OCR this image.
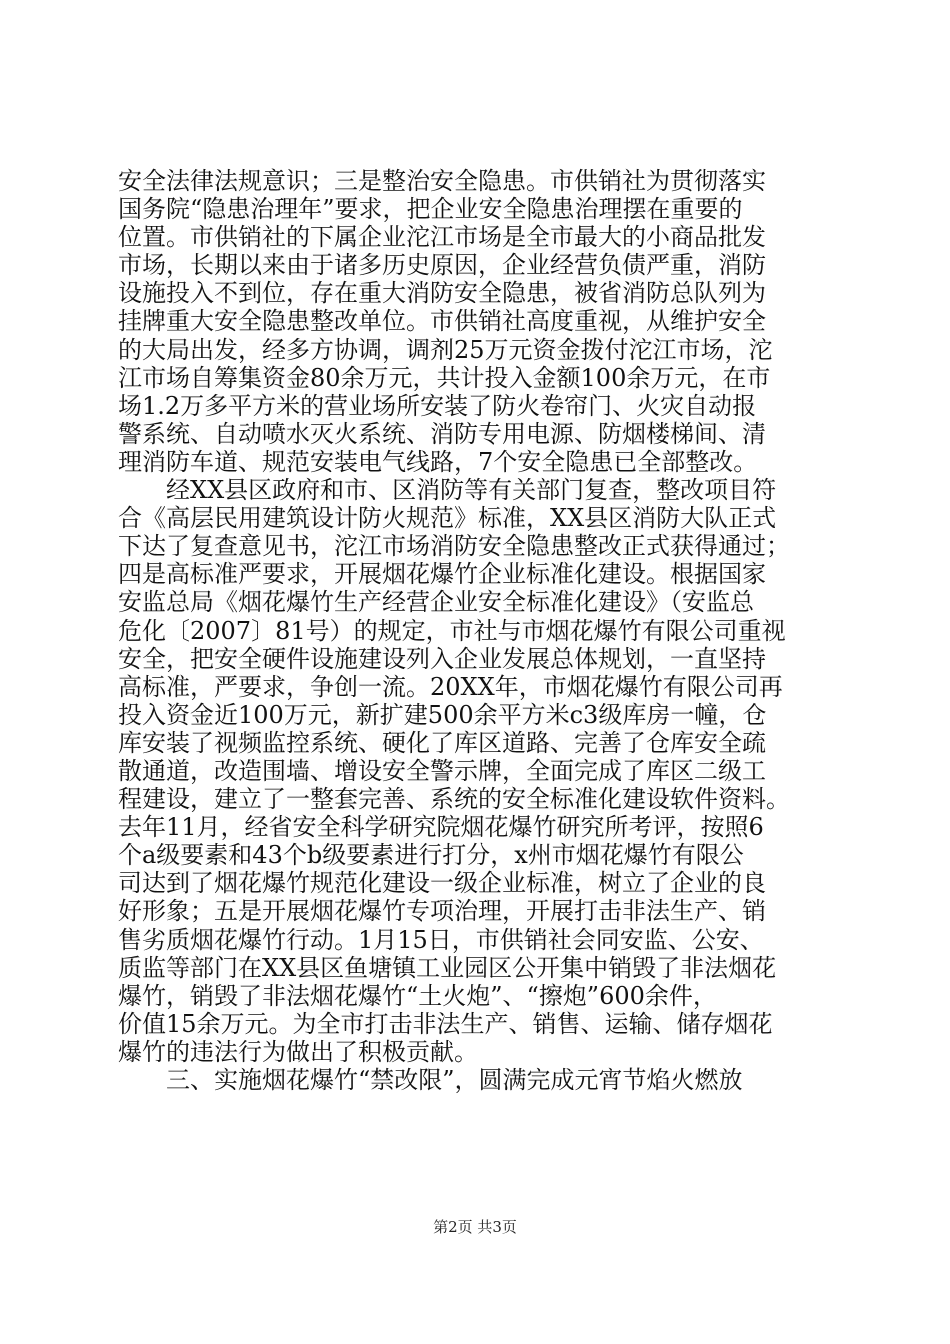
安全法律法规意识；三是整治安全隐患。市供销社为贯彻落实
国务院“隐患治理年”要求，把企业安全隐患治理摆在重要的
位置。市供销社的下属企业沱江市场是全市最大的小商品批发
市场，长期以来由于诸多历史原因，企业经营负债严重，消防
设施投入不到位，存在重大消防安全隐患，被省消防总队列为
挂牌重大安全隐患整改单位。市供销社高度重视，从维护安全
的大局出发，经多方协调，调剂25万元资金拨付沱江市场，沱
江市场自筹集资金80余万元，共计投入金额100余万元，在市
场1.2万多平方米的营业场所安装了防火卷帘门、火灾自动报
警系统、自动喷水灭火系统、消防专用电源、防烟楼梯间、清
理消防车道、规范安装电气线路，7个安全隐患已全部整改。
经XX县区政府和市、区消防等有关部门复查，整改项目符
合《高层民用建筑设计防火规范》标准，XX县区消防大队正式
下达了复查意见书，沱江市场消防安全隐患整改正式获得通过；
四是高标准严要求，开展烟花爆竹企业标准化建设。根据国家
安监总局《烟花爆竹生产经营企业安全标准化建设》（安监总
危化〔2007〕81号）的规定，市社与市烟花爆竹有限公司重视
安全，把安全硬件设施建设列入企业发展总体规划，一直坚持
高标准，严要求，争创一流。20XX年，市烟花爆竹有限公司再
投入资金近100万元，新扩建500余平方米c3级库房一幢，仓
库安装了视频监控系统、硬化了库区道路、完善了仓库安全疏
散通道，改造围墙、增设安全警示牌，全面完成了库区二级工
程建设，建立了一整套完善、系统的安全标准化建设软件资料。
去年11月，经省安全科学研究院烟花爆竹研究所考评，按照6
个a级要素和43个b级要素进行打分，x州市烟花爆竹有限公
司达到了烟花爆竹规范化建设一级企业标准，树立了企业的良
好形象；五是开展烟花爆竹专项治理，开展打击非法生产、销
售劣质烟花爆竹行动。1月15日，市供销社会同安监、公安、
质监等部门在XX县区鱼塘镇工业园区公开集中销毁了非法烟花
爆竹，销毁了非法烟花爆竹“土火炮”、“擦炮”600余件，
价值15余万元。为全市打击非法生产、销售、运输、储存烟花
爆竹的违法行为做出了积极贡献。
三、实施烟花爆竹“禁改限”，圆满完成元宵节焰火燃放
第2页 共3页
